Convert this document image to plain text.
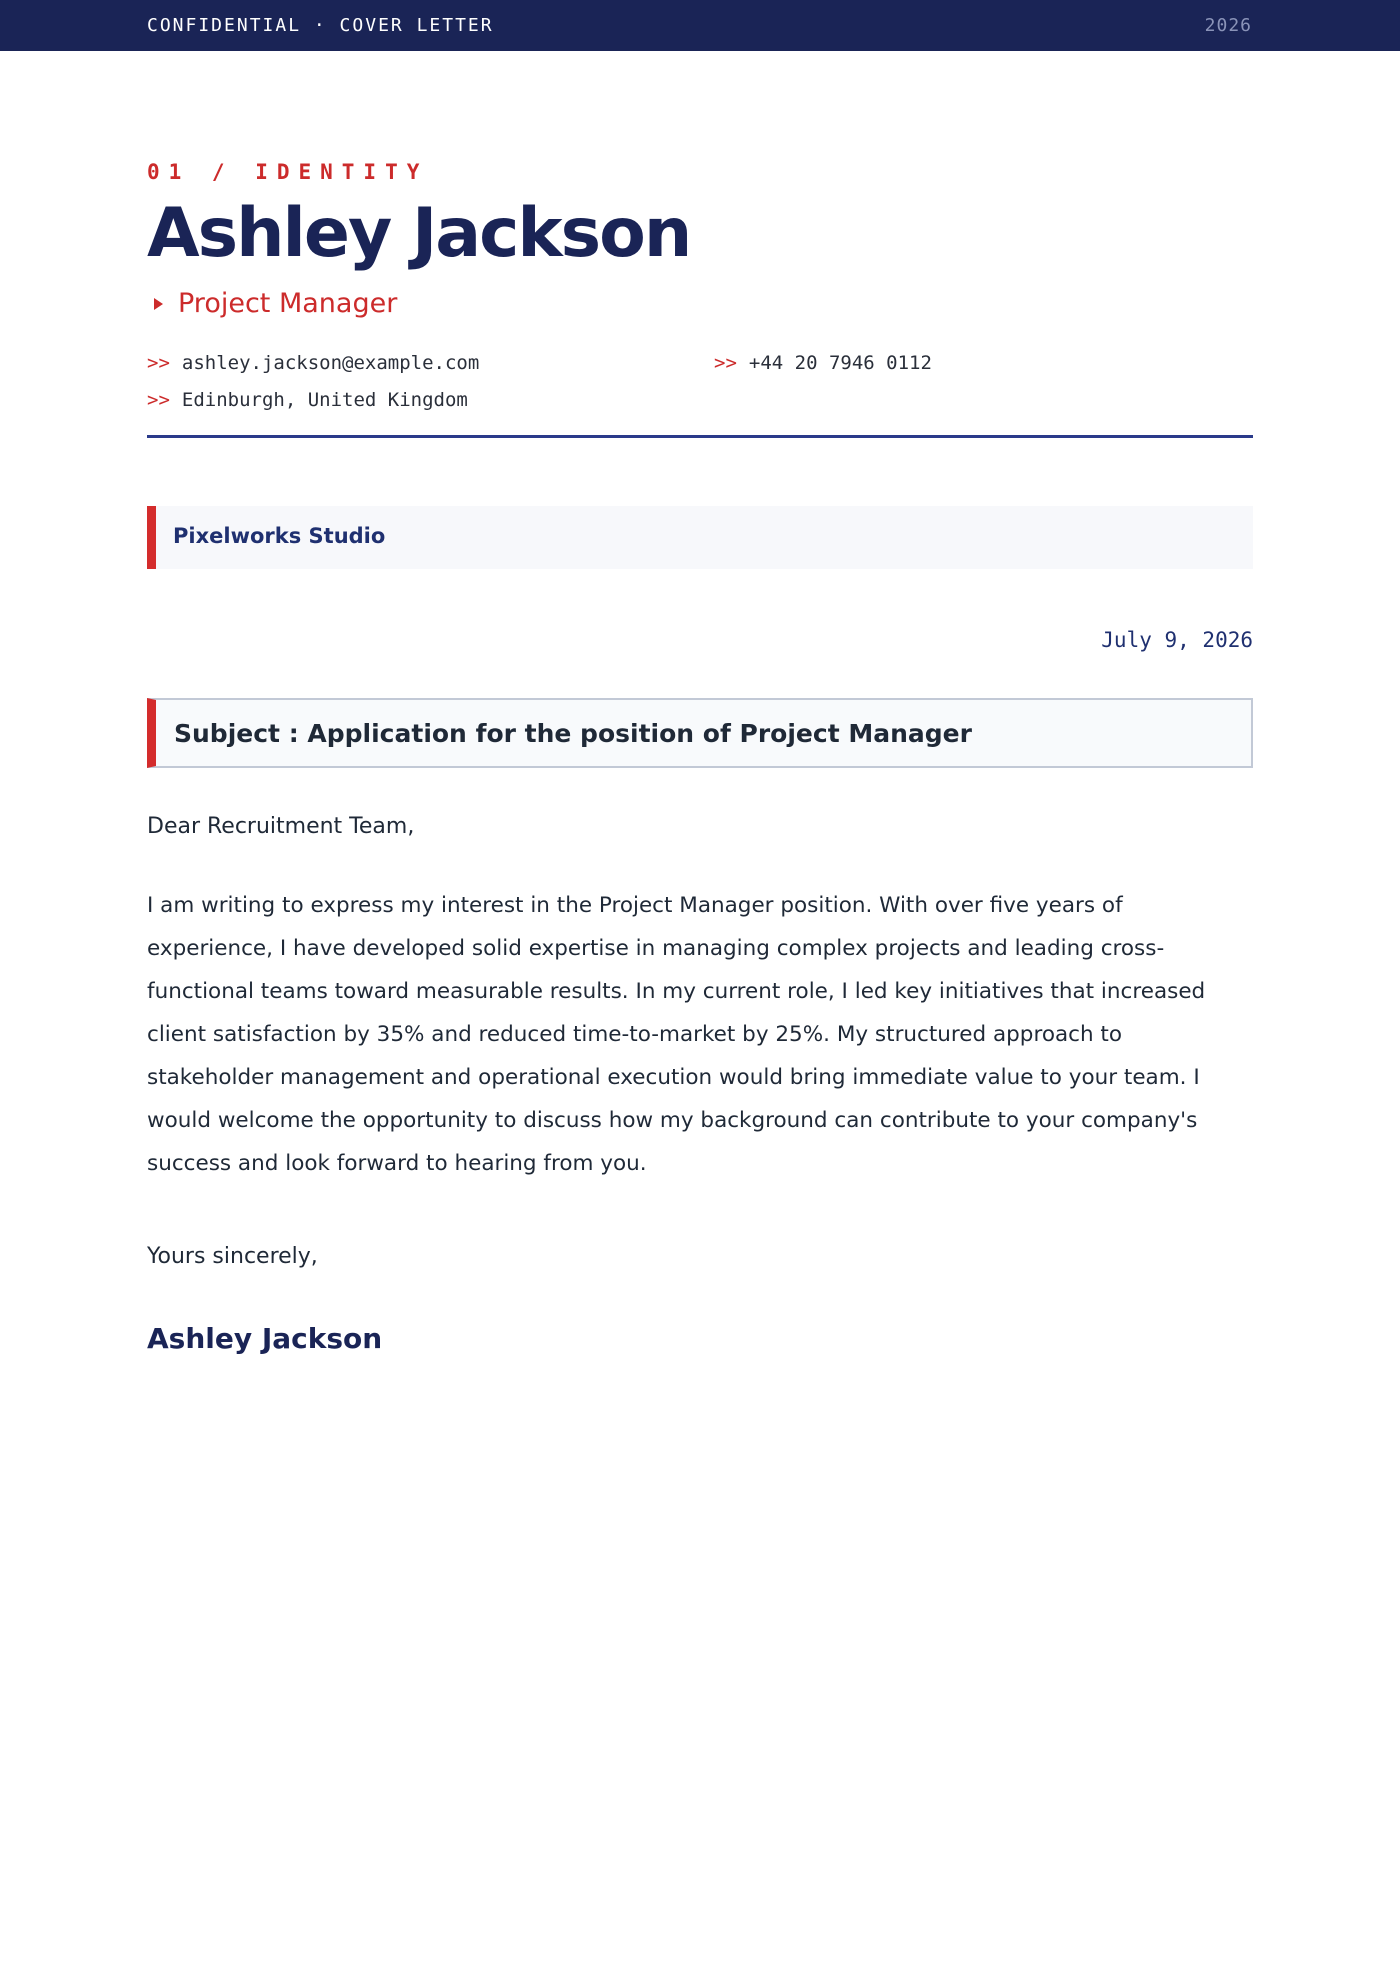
CONFIDENTIAL · COVER LETTER	2026
01 / IDENTITY
Ashley Jackson
Project Manager
>> ashley.jackson@example.com	>> +44 20 7946 0112
>> Edinburgh, United Kingdom
Pixelworks Studio
July 9, 2026
Subject : Application for the position of Project Manager
Dear Recruitment Team,

I am writing to express my interest in the Project Manager position. With over five years of experience, I have developed solid expertise in managing complex projects and leading cross-functional teams toward measurable results. In my current role, I led key initiatives that increased client satisfaction by 35% and reduced time-to-market by 25%. My structured approach to stakeholder management and operational execution would bring immediate value to your team. I would welcome the opportunity to discuss how my background can contribute to your company's success and look forward to hearing from you.

Yours sincerely,
Ashley Jackson
